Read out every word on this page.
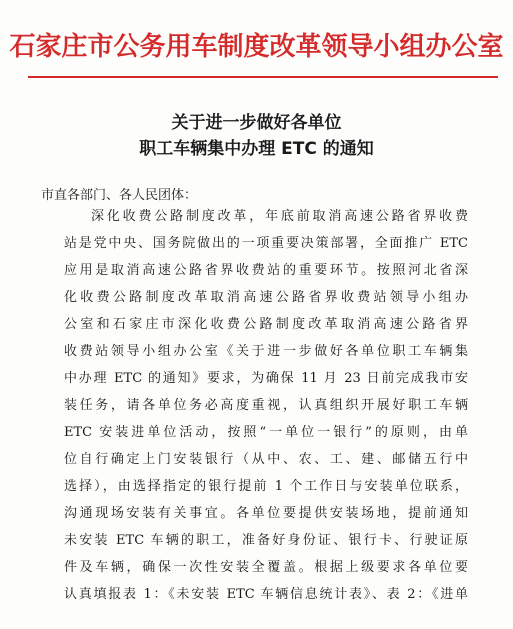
石家庄市公务用车制度改革领导小组办公室
关于进一步做好各单位
职工车辆集中办理 ETC 的通知
市直各部门、各人民团体：
深化收费公路制度改革，年底前取消高速公路省界收费
站是党中央、国务院做出的一项重要决策部署，全面推广 ETC
应用是取消高速公路省界收费站的重要环节。按照河北省深
化收费公路制度改革取消高速公路省界收费站领导小组办
公室和石家庄市深化收费公路制度改革取消高速公路省界
收费站领导小组办公室《关于进一步做好各单位职工车辆集
中办理 ETC 的通知》要求，为确保 11 月 23 日前完成我市安
装任务，请各单位务必高度重视，认真组织开展好职工车辆
ETC 安装进单位活动，按照“一单位一银行”的原则，由单
位自行确定上门安装银行（从中、农、工、建、邮储五行中
选择），由选择指定的银行提前 1 个工作日与安装单位联系，
沟通现场安装有关事宜。各单位要提供安装场地，提前通知
未安装 ETC 车辆的职工，准备好身份证、银行卡、行驶证原
件及车辆，确保一次性安装全覆盖。根据上级要求各单位要
认真填报表 1：《未安装 ETC 车辆信息统计表》、表 2：《进单
